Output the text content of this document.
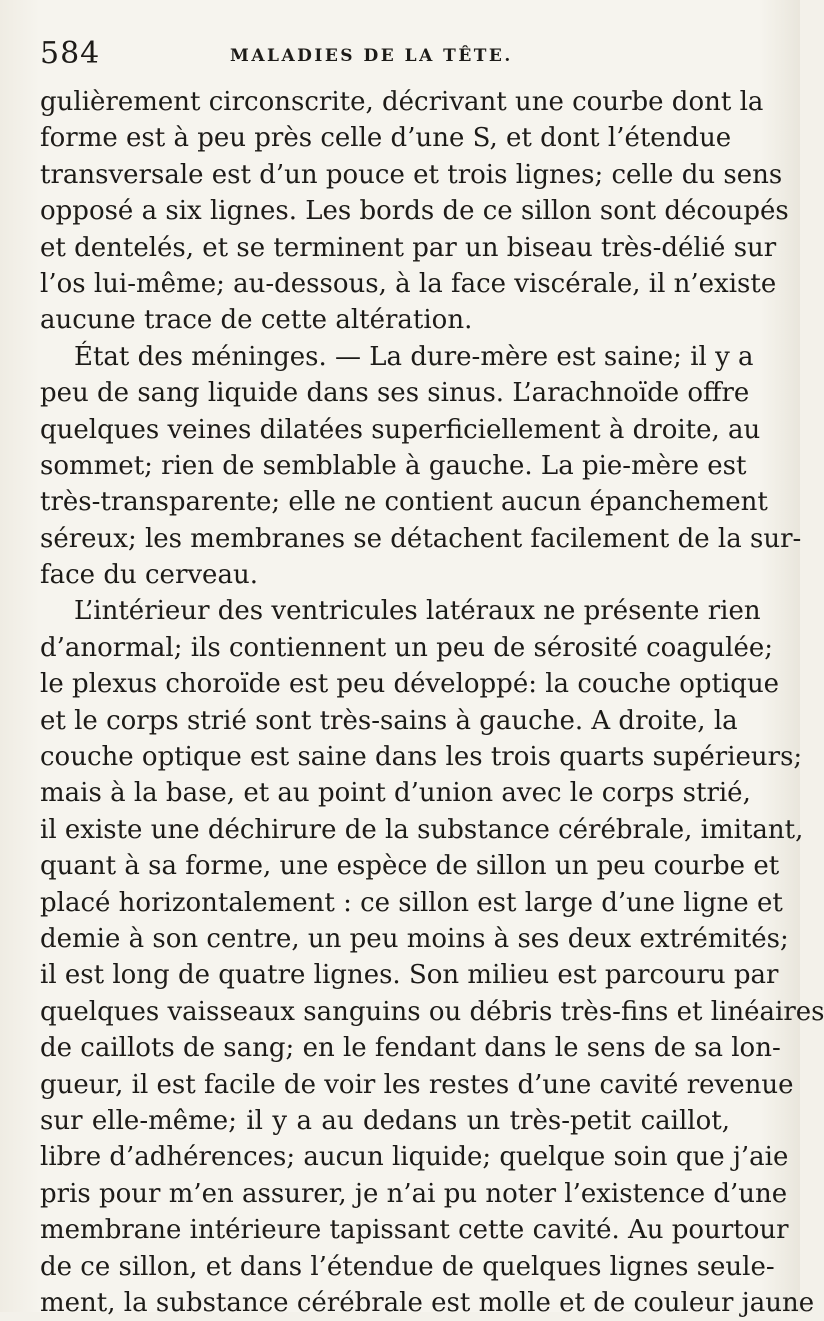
584	MALADIES DE LA TÊTE.
gulièrement circonscrite, décrivant une courbe dont la
forme est à peu près celle d’une S, et dont l’étendue
transversale est d’un pouce et trois lignes; celle du sens
opposé a six lignes. Les bords de ce sillon sont découpés
et dentelés, et se terminent par un biseau très-délié sur
l’os lui-même; au-dessous, à la face viscérale, il n’existe
aucune trace de cette altération.
État des méninges. — La dure-mère est saine; il y a
peu de sang liquide dans ses sinus. L’arachnoïde offre
quelques veines dilatées superficiellement à droite, au
sommet; rien de semblable à gauche. La pie-mère est
très-transparente; elle ne contient aucun épanchement
séreux; les membranes se détachent facilement de la sur-
face du cerveau.
L’intérieur des ventricules latéraux ne présente rien
d’anormal; ils contiennent un peu de sérosité coagulée;
le plexus choroïde est peu développé: la couche optique
et le corps strié sont très-sains à gauche. A droite, la
couche optique est saine dans les trois quarts supérieurs;
mais à la base, et au point d’union avec le corps strié,
il existe une déchirure de la substance cérébrale, imitant,
quant à sa forme, une espèce de sillon un peu courbe et
placé horizontalement : ce sillon est large d’une ligne et
demie à son centre, un peu moins à ses deux extrémités;
il est long de quatre lignes. Son milieu est parcouru par
quelques vaisseaux sanguins ou débris très-fins et linéaires
de caillots de sang; en le fendant dans le sens de sa lon-
gueur, il est facile de voir les restes d’une cavité revenue
sur elle-même; il y a au dedans un très-petit caillot,
libre d’adhérences; aucun liquide; quelque soin que j’aie
pris pour m’en assurer, je n’ai pu noter l’existence d’une
membrane intérieure tapissant cette cavité. Au pourtour
de ce sillon, et dans l’étendue de quelques lignes seule-
ment, la substance cérébrale est molle et de couleur jaune
